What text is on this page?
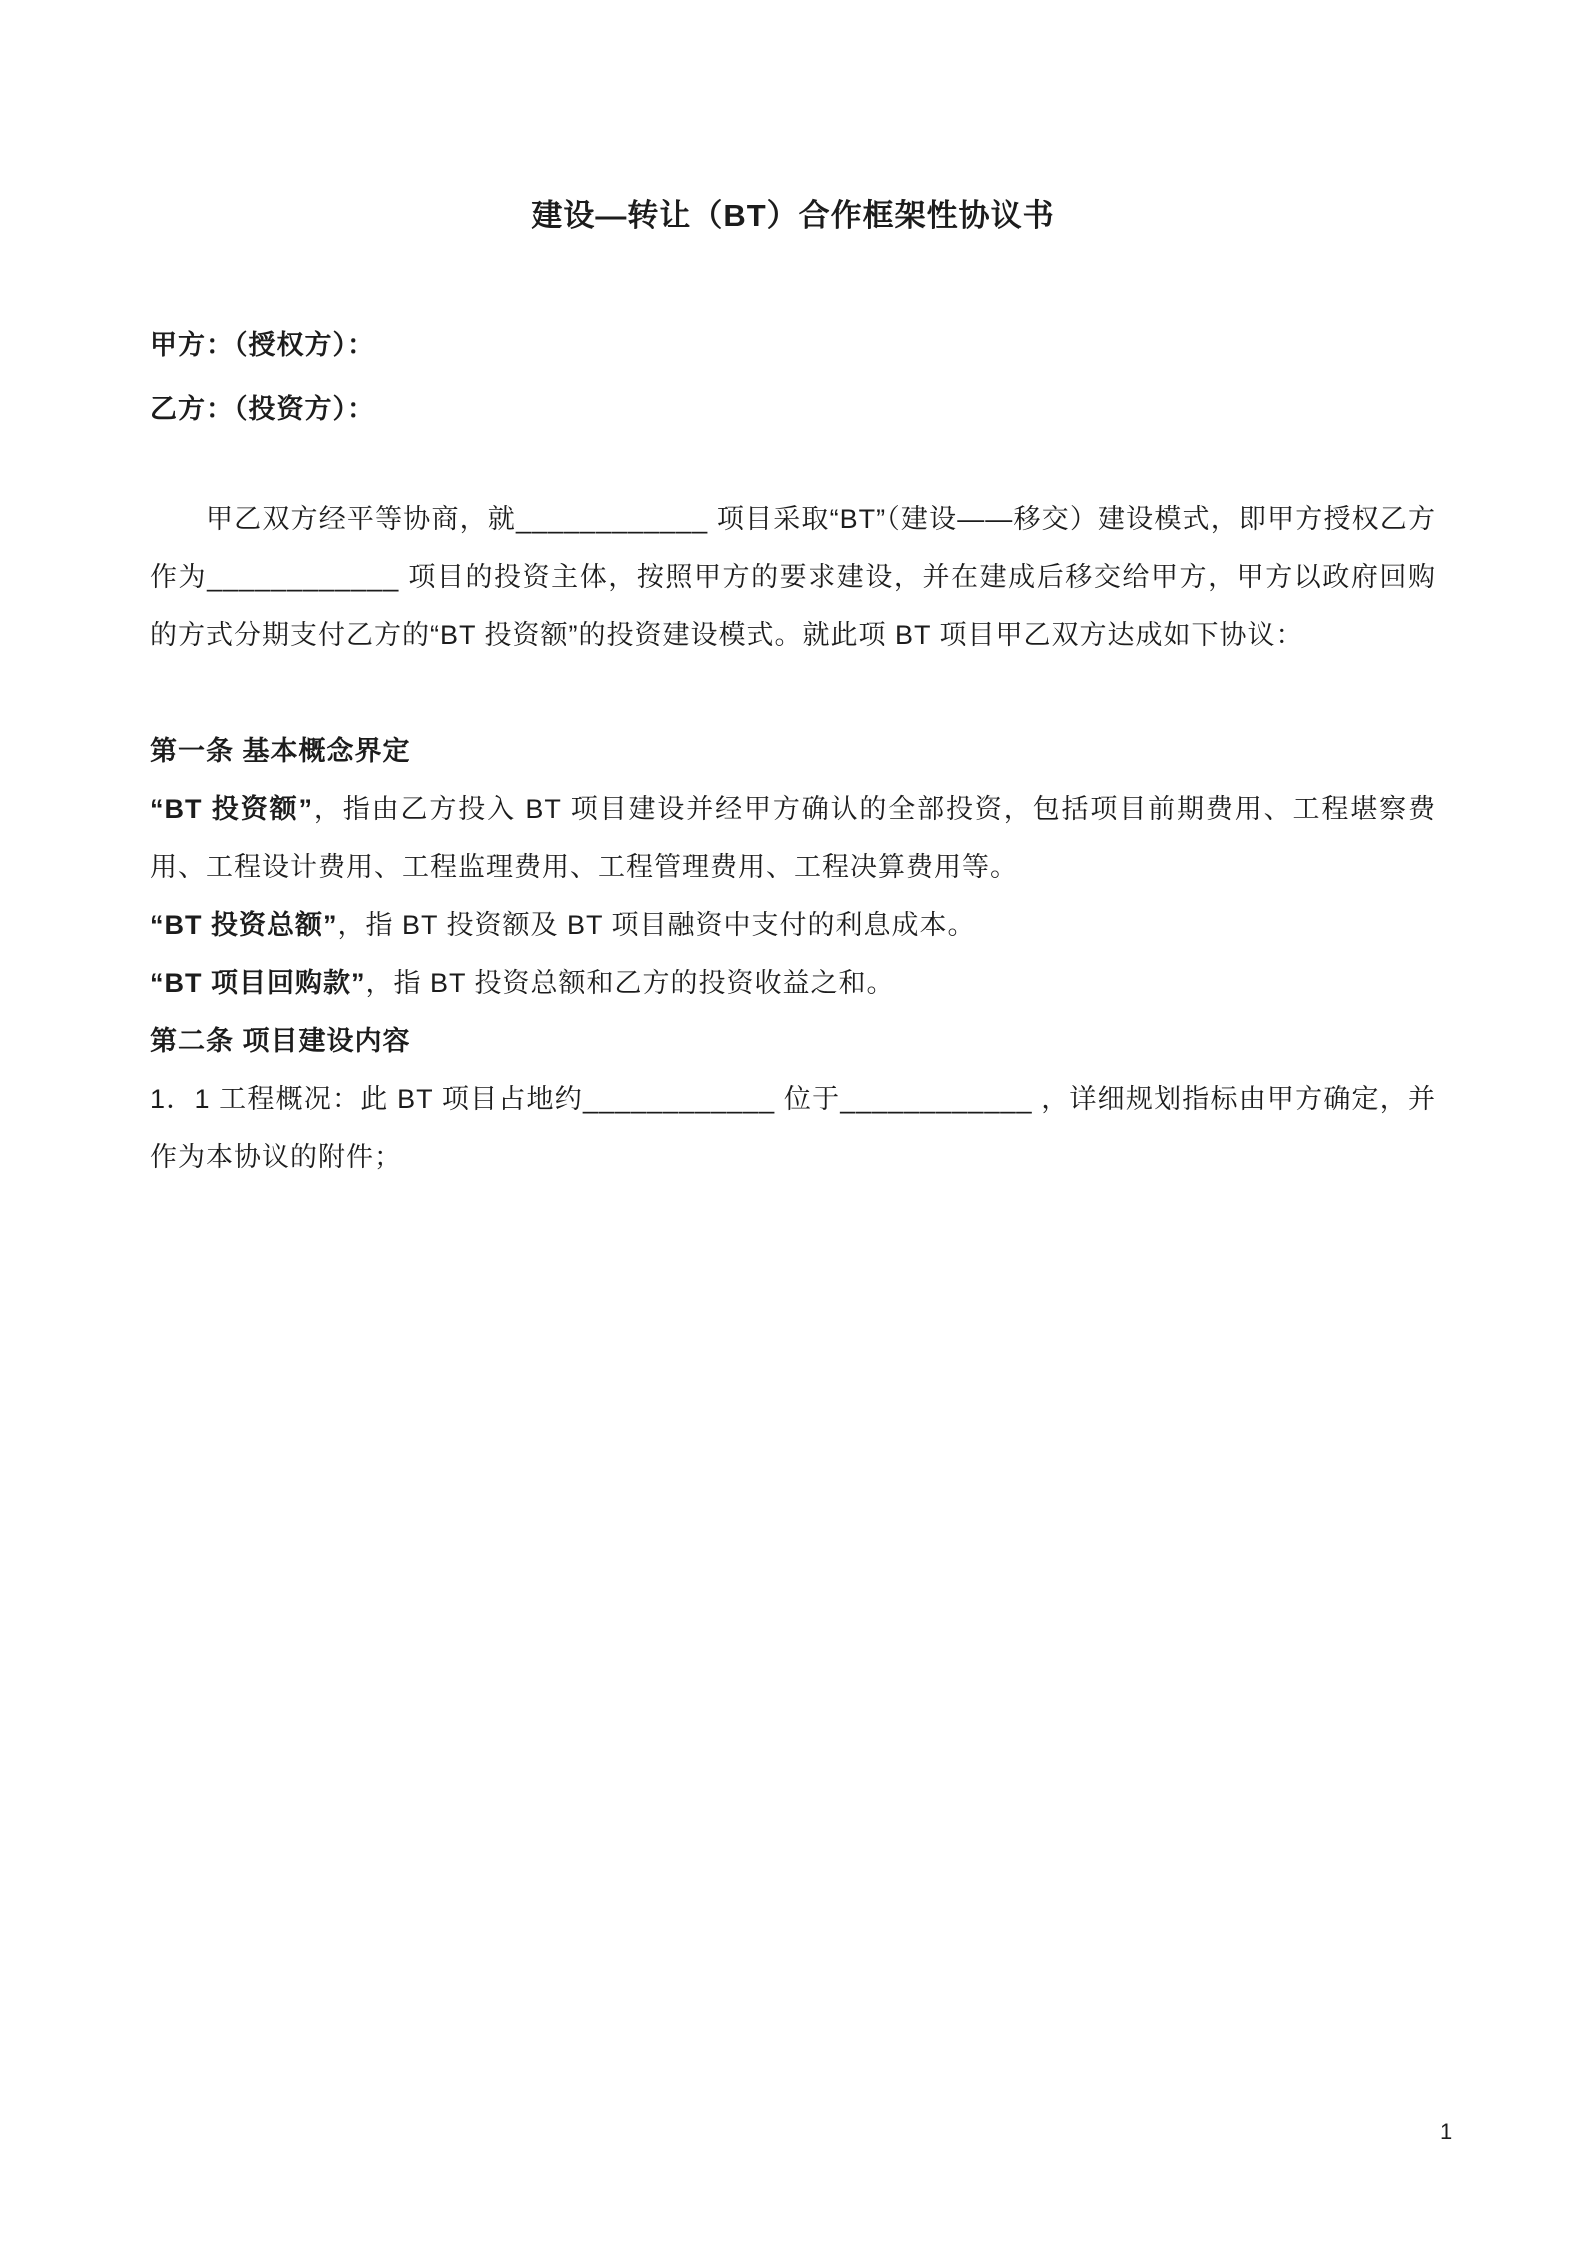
建设—转让（BT）合作框架性协议书

甲方：（授权方）：

乙方：（投资方）：

甲乙双方经平等协商，就____________ 项目采取“BT”（建设——移交）建设模式，即甲方授权乙方作为____________ 项目的投资主体，按照甲方的要求建设，并在建成后移交给甲方，甲方以政府回购的方式分期支付乙方的“BT 投资额”的投资建设模式。就此项 BT 项目甲乙双方达成如下协议：

第一条 基本概念界定

“BT 投资额”，指由乙方投入 BT 项目建设并经甲方确认的全部投资，包括项目前期费用、工程堪察费用、工程设计费用、工程监理费用、工程管理费用、工程决算费用等。

“BT 投资总额”，指 BT 投资额及 BT 项目融资中支付的利息成本。

“BT 项目回购款”，指 BT 投资总额和乙方的投资收益之和。

第二条 项目建设内容

1．1 工程概况：此 BT 项目占地约____________ 位于____________ ，详细规划指标由甲方确定，并作为本协议的附件；

1
